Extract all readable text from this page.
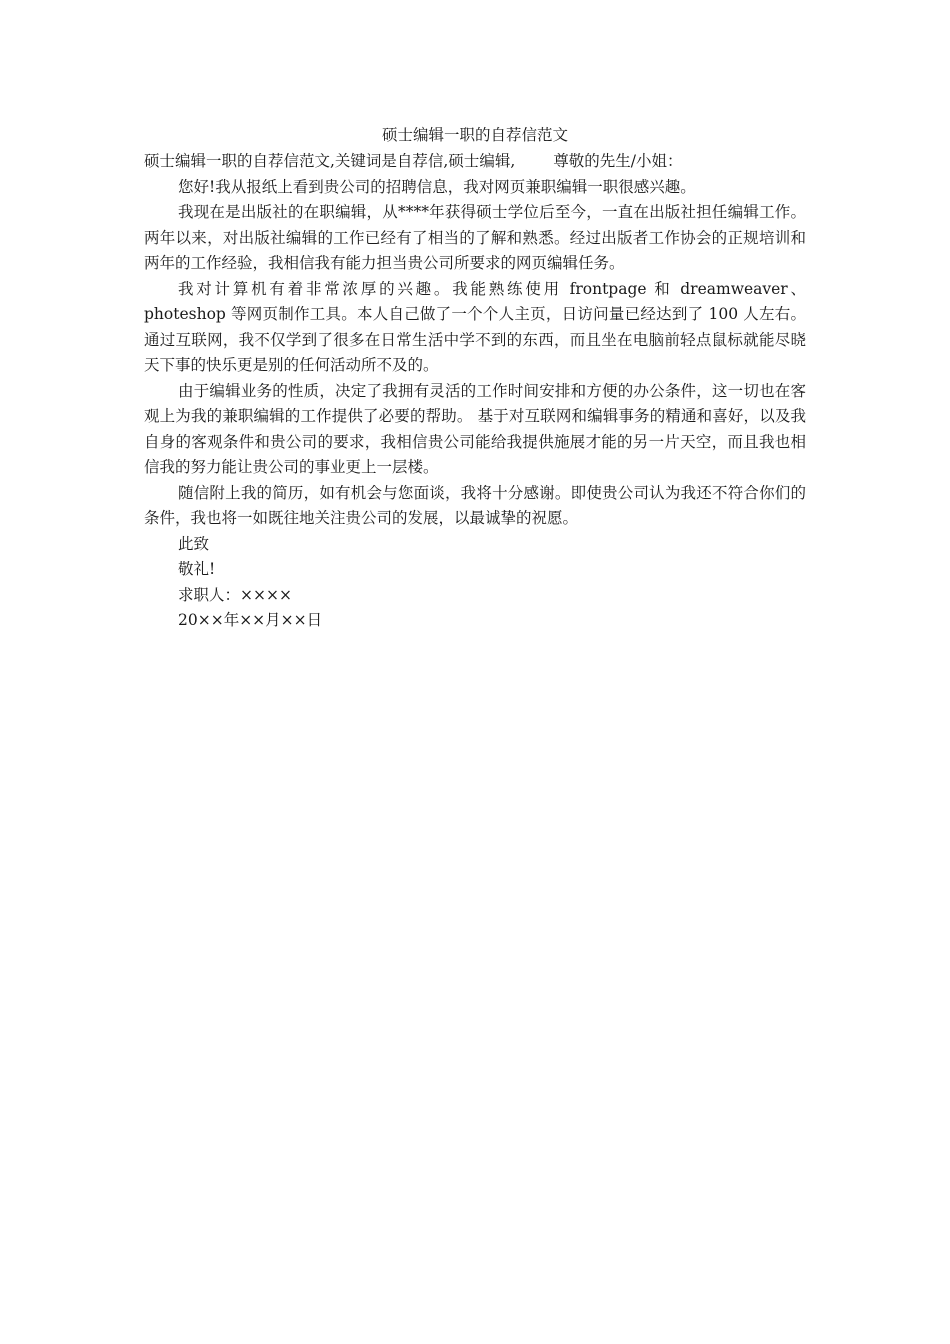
硕士编辑一职的自荐信范文

硕士编辑一职的自荐信范文,关键词是自荐信,硕士编辑, 尊敬的先生/小姐：

您好!我从报纸上看到贵公司的招聘信息，我对网页兼职编辑一职很感兴趣。

我现在是出版社的在职编辑，从****年获得硕士学位后至今，一直在出版社担任编辑工作。两年以来，对出版社编辑的工作已经有了相当的了解和熟悉。经过出版者工作协会的正规培训和两年的工作经验，我相信我有能力担当贵公司所要求的网页编辑任务。

我对计算机有着非常浓厚的兴趣。我能熟练使用 frontpage 和 dreamweaver、photeshop 等网页制作工具。本人自己做了一个个人主页，日访问量已经达到了 100 人左右。通过互联网，我不仅学到了很多在日常生活中学不到的东西，而且坐在电脑前轻点鼠标就能尽晓天下事的快乐更是别的任何活动所不及的。

由于编辑业务的性质，决定了我拥有灵活的工作时间安排和方便的办公条件，这一切也在客观上为我的兼职编辑的工作提供了必要的帮助。 基于对互联网和编辑事务的精通和喜好，以及我自身的客观条件和贵公司的要求，我相信贵公司能给我提供施展才能的另一片天空，而且我也相信我的努力能让贵公司的事业更上一层楼。

随信附上我的简历，如有机会与您面谈，我将十分感谢。即使贵公司认为我还不符合你们的条件，我也将一如既往地关注贵公司的发展，以最诚挚的祝愿。

此致

敬礼!

求职人：××××

20××年××月××日
